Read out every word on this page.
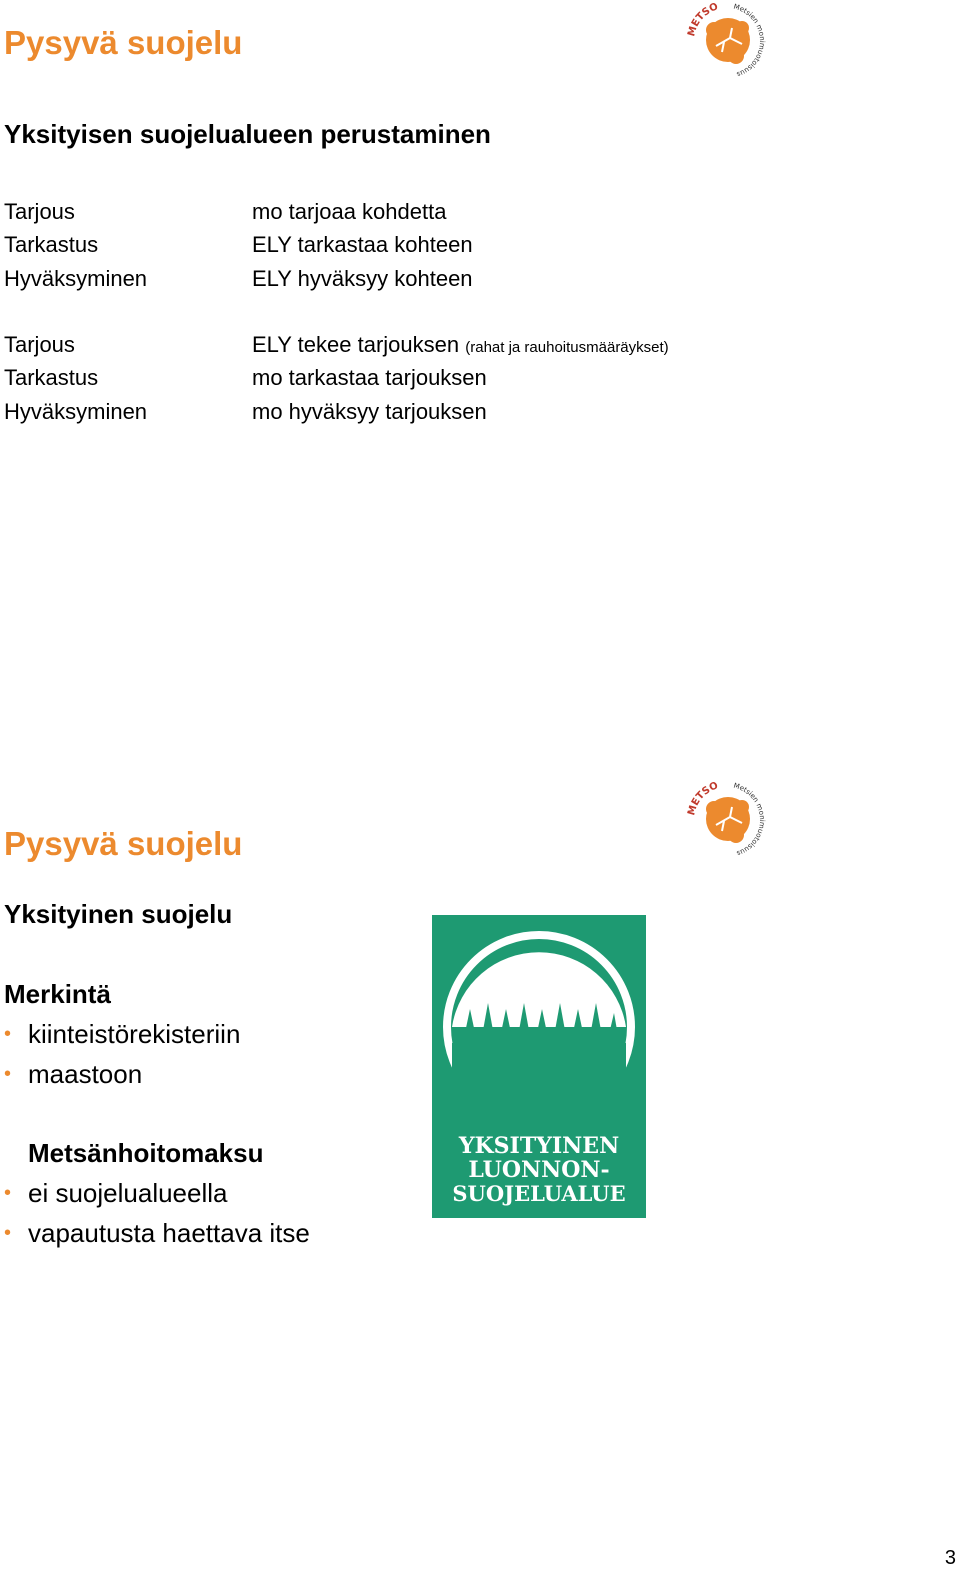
Pysyvä suojelu	METSO Metsien monimuotoisuus
Yksityisen suojelualueen perustaminen
Tarjous	mo tarjoaa kohdetta
Tarkastus	ELY tarkastaa kohteen
Hyväksyminen	ELY hyväksyy kohteen
Tarjous	ELY tekee tarjouksen (rahat ja rauhoitusmääräykset)
Tarkastus	mo tarkastaa tarjouksen
Hyväksyminen	mo hyväksyy tarjouksen
Pysyvä suojelu
METSO Metsien monimuotoisuus
Yksityinen suojelu
Merkintä
• kiinteistörekisteriin
• maastoon
Metsänhoitomaksu
• ei suojelualueella
• vapautusta haettava itse
YKSITYINEN
LUONNON-
SUOJELUALUE
3
